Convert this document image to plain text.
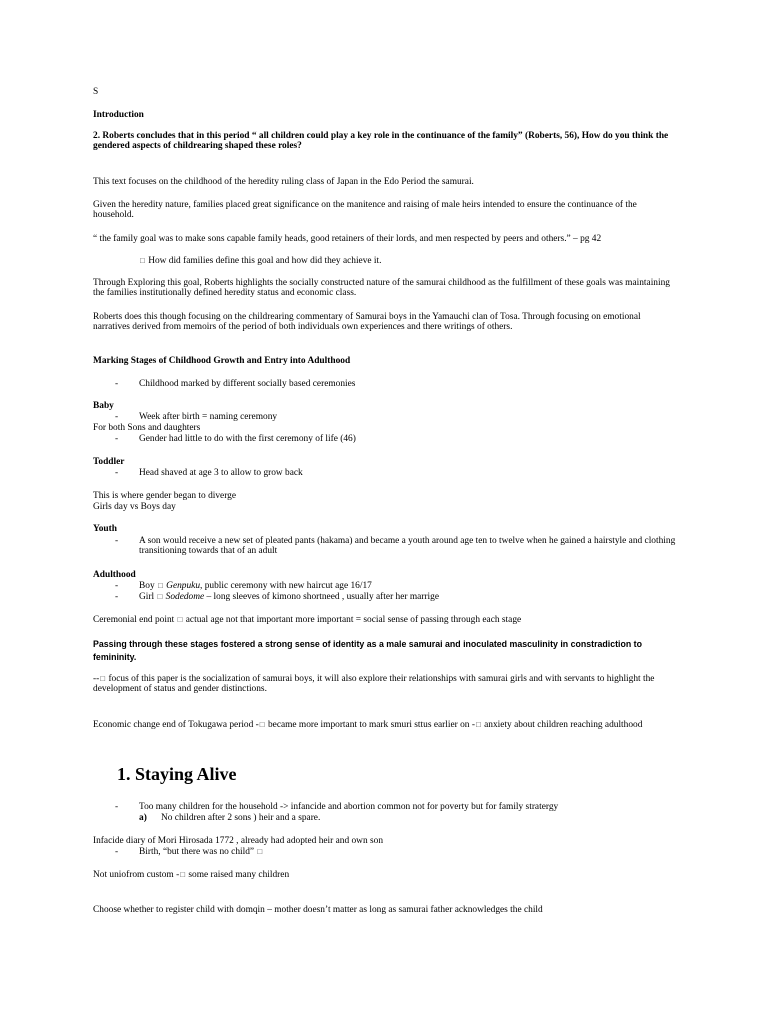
S
Introduction
2. Roberts concludes that in this period “ all children could play a key role in the continuance of the family” (Roberts, 56), How do you think the gendered aspects of childrearing shaped these roles?
This text focuses on the childhood of the heredity ruling class of Japan in the Edo Period the samurai.
Given the heredity nature, families placed great significance on the manitence and raising of male heirs intended to ensure the continuance of the household.
“ the family goal was to make sons capable family heads, good retainers of their lords, and men respected by peers and others.” – pg 42
□ How did families define this goal and how did they achieve it.
Through Exploring this goal, Roberts highlights the socially constructed nature of the samurai childhood as the fulfillment of these goals was maintaining the families institutionally defined heredity status and economic class.
Roberts does this though focusing on the childrearing commentary of Samurai boys in the Yamauchi clan of Tosa. Through focusing on emotional narratives derived from memoirs of the period of both individuals own experiences and there writings of others.
Marking Stages of Childhood Growth and Entry into Adulthood
- Childhood marked by different socially based ceremonies
Baby
- Week after birth = naming ceremony
For both Sons and daughters
- Gender had little to do with the first ceremony of life (46)
Toddler
- Head shaved at age 3 to allow to grow back
This is where gender began to diverge
Girls day vs Boys day
Youth
- A son would receive a new set of pleated pants (hakama) and became a youth around age ten to twelve when he gained a hairstyle and clothing transitioning towards that of an adult
Adulthood
- Boy □ Genpuku, public ceremony with new haircut age 16/17
- Girl □ Sodedome – long sleeves of kimono shortneed , usually after her marrige
Ceremonial end point □ actual age not that important more important = social sense of passing through each stage
Passing through these stages fostered a strong sense of identity as a male samurai and inoculated masculinity in constradiction to femininity.
--□ focus of this paper is the socialization of samurai boys, it will also explore their relationships with samurai girls and with servants to highlight the development of status and gender distinctions.
Economic change end of Tokugawa period -□ became more important to mark smuri sttus earlier on -□ anxiety about children reaching adulthood
1. Staying Alive
- Too many children for the household -> infancide and abortion common not for poverty but for family stratergy
a) No children after 2 sons ) heir and a spare.
Infacide diary of Mori Hirosada 1772 , already had adopted heir and own son
- Birth, “but there was no child” □
Not uniofrom custom -□ some raised many children
Choose whether to register child with domqin – mother doesn’t matter as long as samurai father acknowledges the child
